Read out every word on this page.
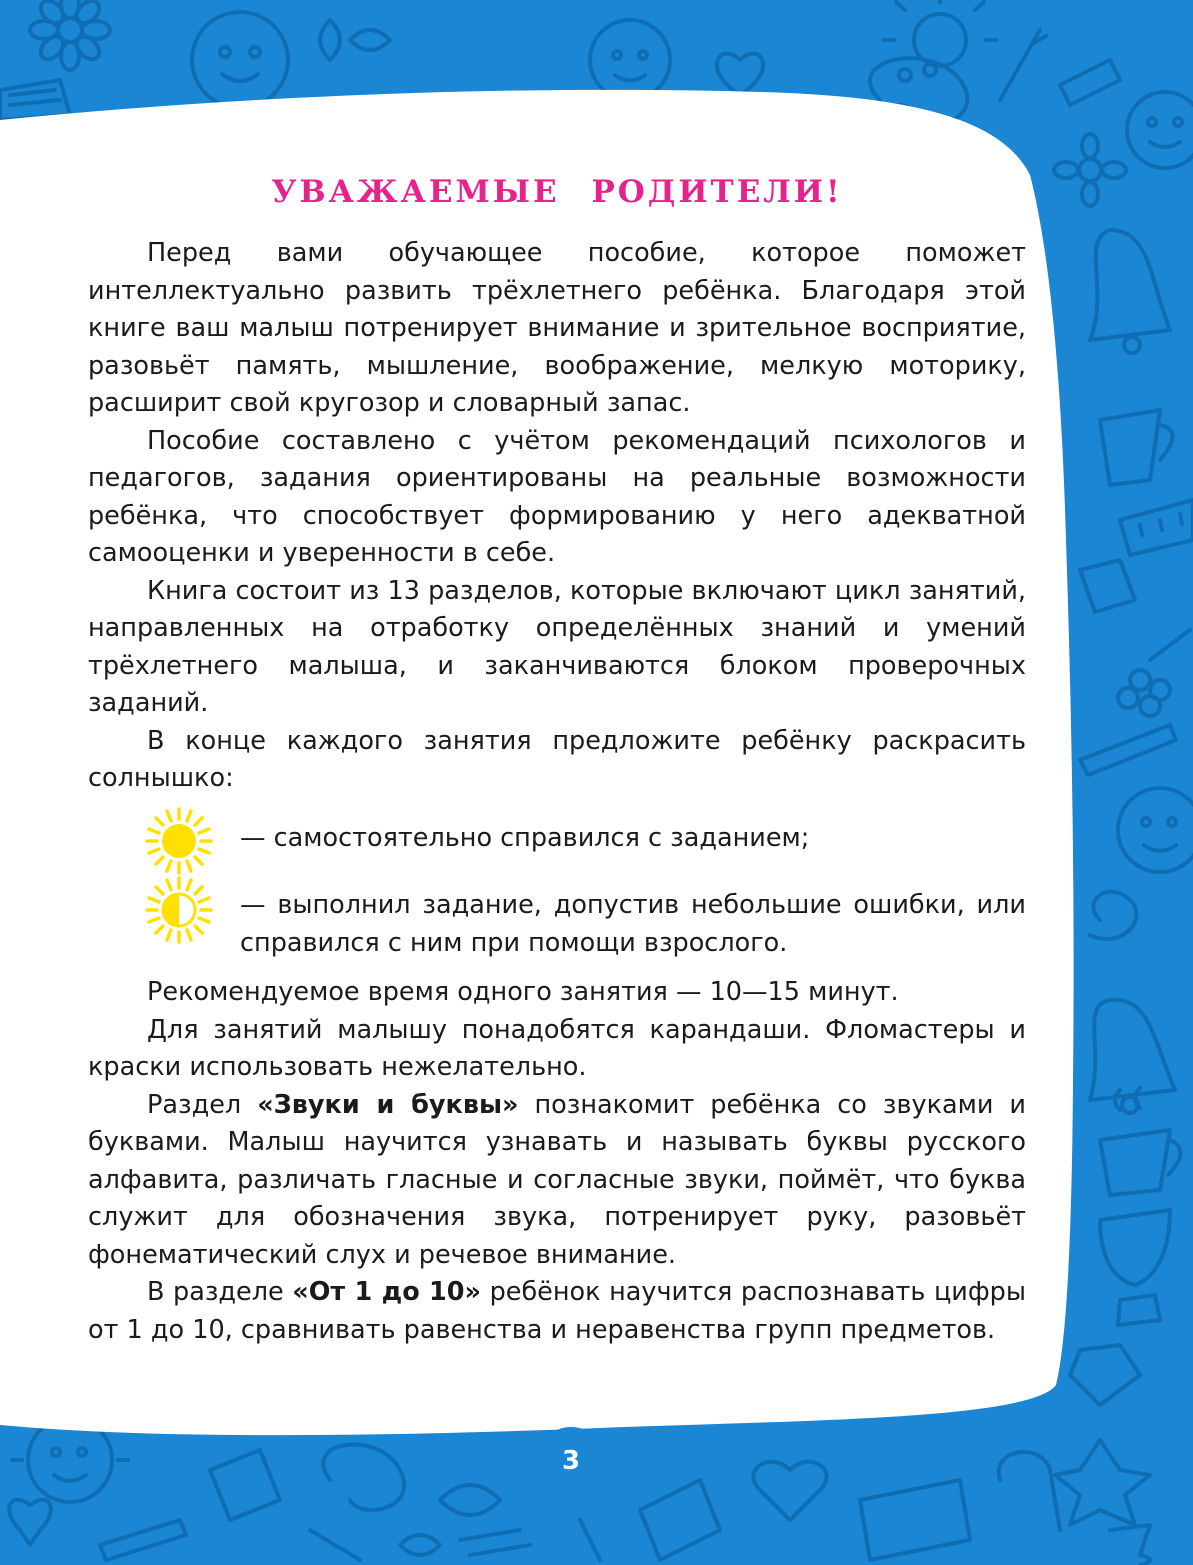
УВАЖАЕМЫЕ РОДИТЕЛИ!

Перед вами обучающее пособие, которое поможет интеллектуально развить трёхлетнего ребёнка. Благодаря этой книге ваш малыш потренирует внимание и зрительное восприятие, разовьёт память, мышление, воображение, мелкую моторику, расширит свой кругозор и словарный запас.

Пособие составлено с учётом рекомендаций психологов и педагогов, задания ориентированы на реальные возможности ребёнка, что способствует формированию у него адекватной самооценки и уверенности в себе.

Книга состоит из 13 разделов, которые включают цикл занятий, направленных на отработку определённых знаний и умений трёхлетнего малыша, и заканчиваются блоком проверочных заданий.

В конце каждого занятия предложите ребёнку раскрасить солнышко:

— самостоятельно справился с заданием;
— выполнил задание, допустив небольшие ошибки, или справился с ним при помощи взрослого.

Рекомендуемое время одного занятия — 10—15 минут.

Для занятий малышу понадобятся карандаши. Фломастеры и краски использовать нежелательно.

Раздел «Звуки и буквы» познакомит ребёнка со звуками и буквами. Малыш научится узнавать и называть буквы русского алфавита, различать гласные и согласные звуки, поймёт, что буква служит для обозначения звука, потренирует руку, разовьёт фонематический слух и речевое внимание.

В разделе «От 1 до 10» ребёнок научится распознавать цифры от 1 до 10, сравнивать равенства и неравенства групп предметов.

3
